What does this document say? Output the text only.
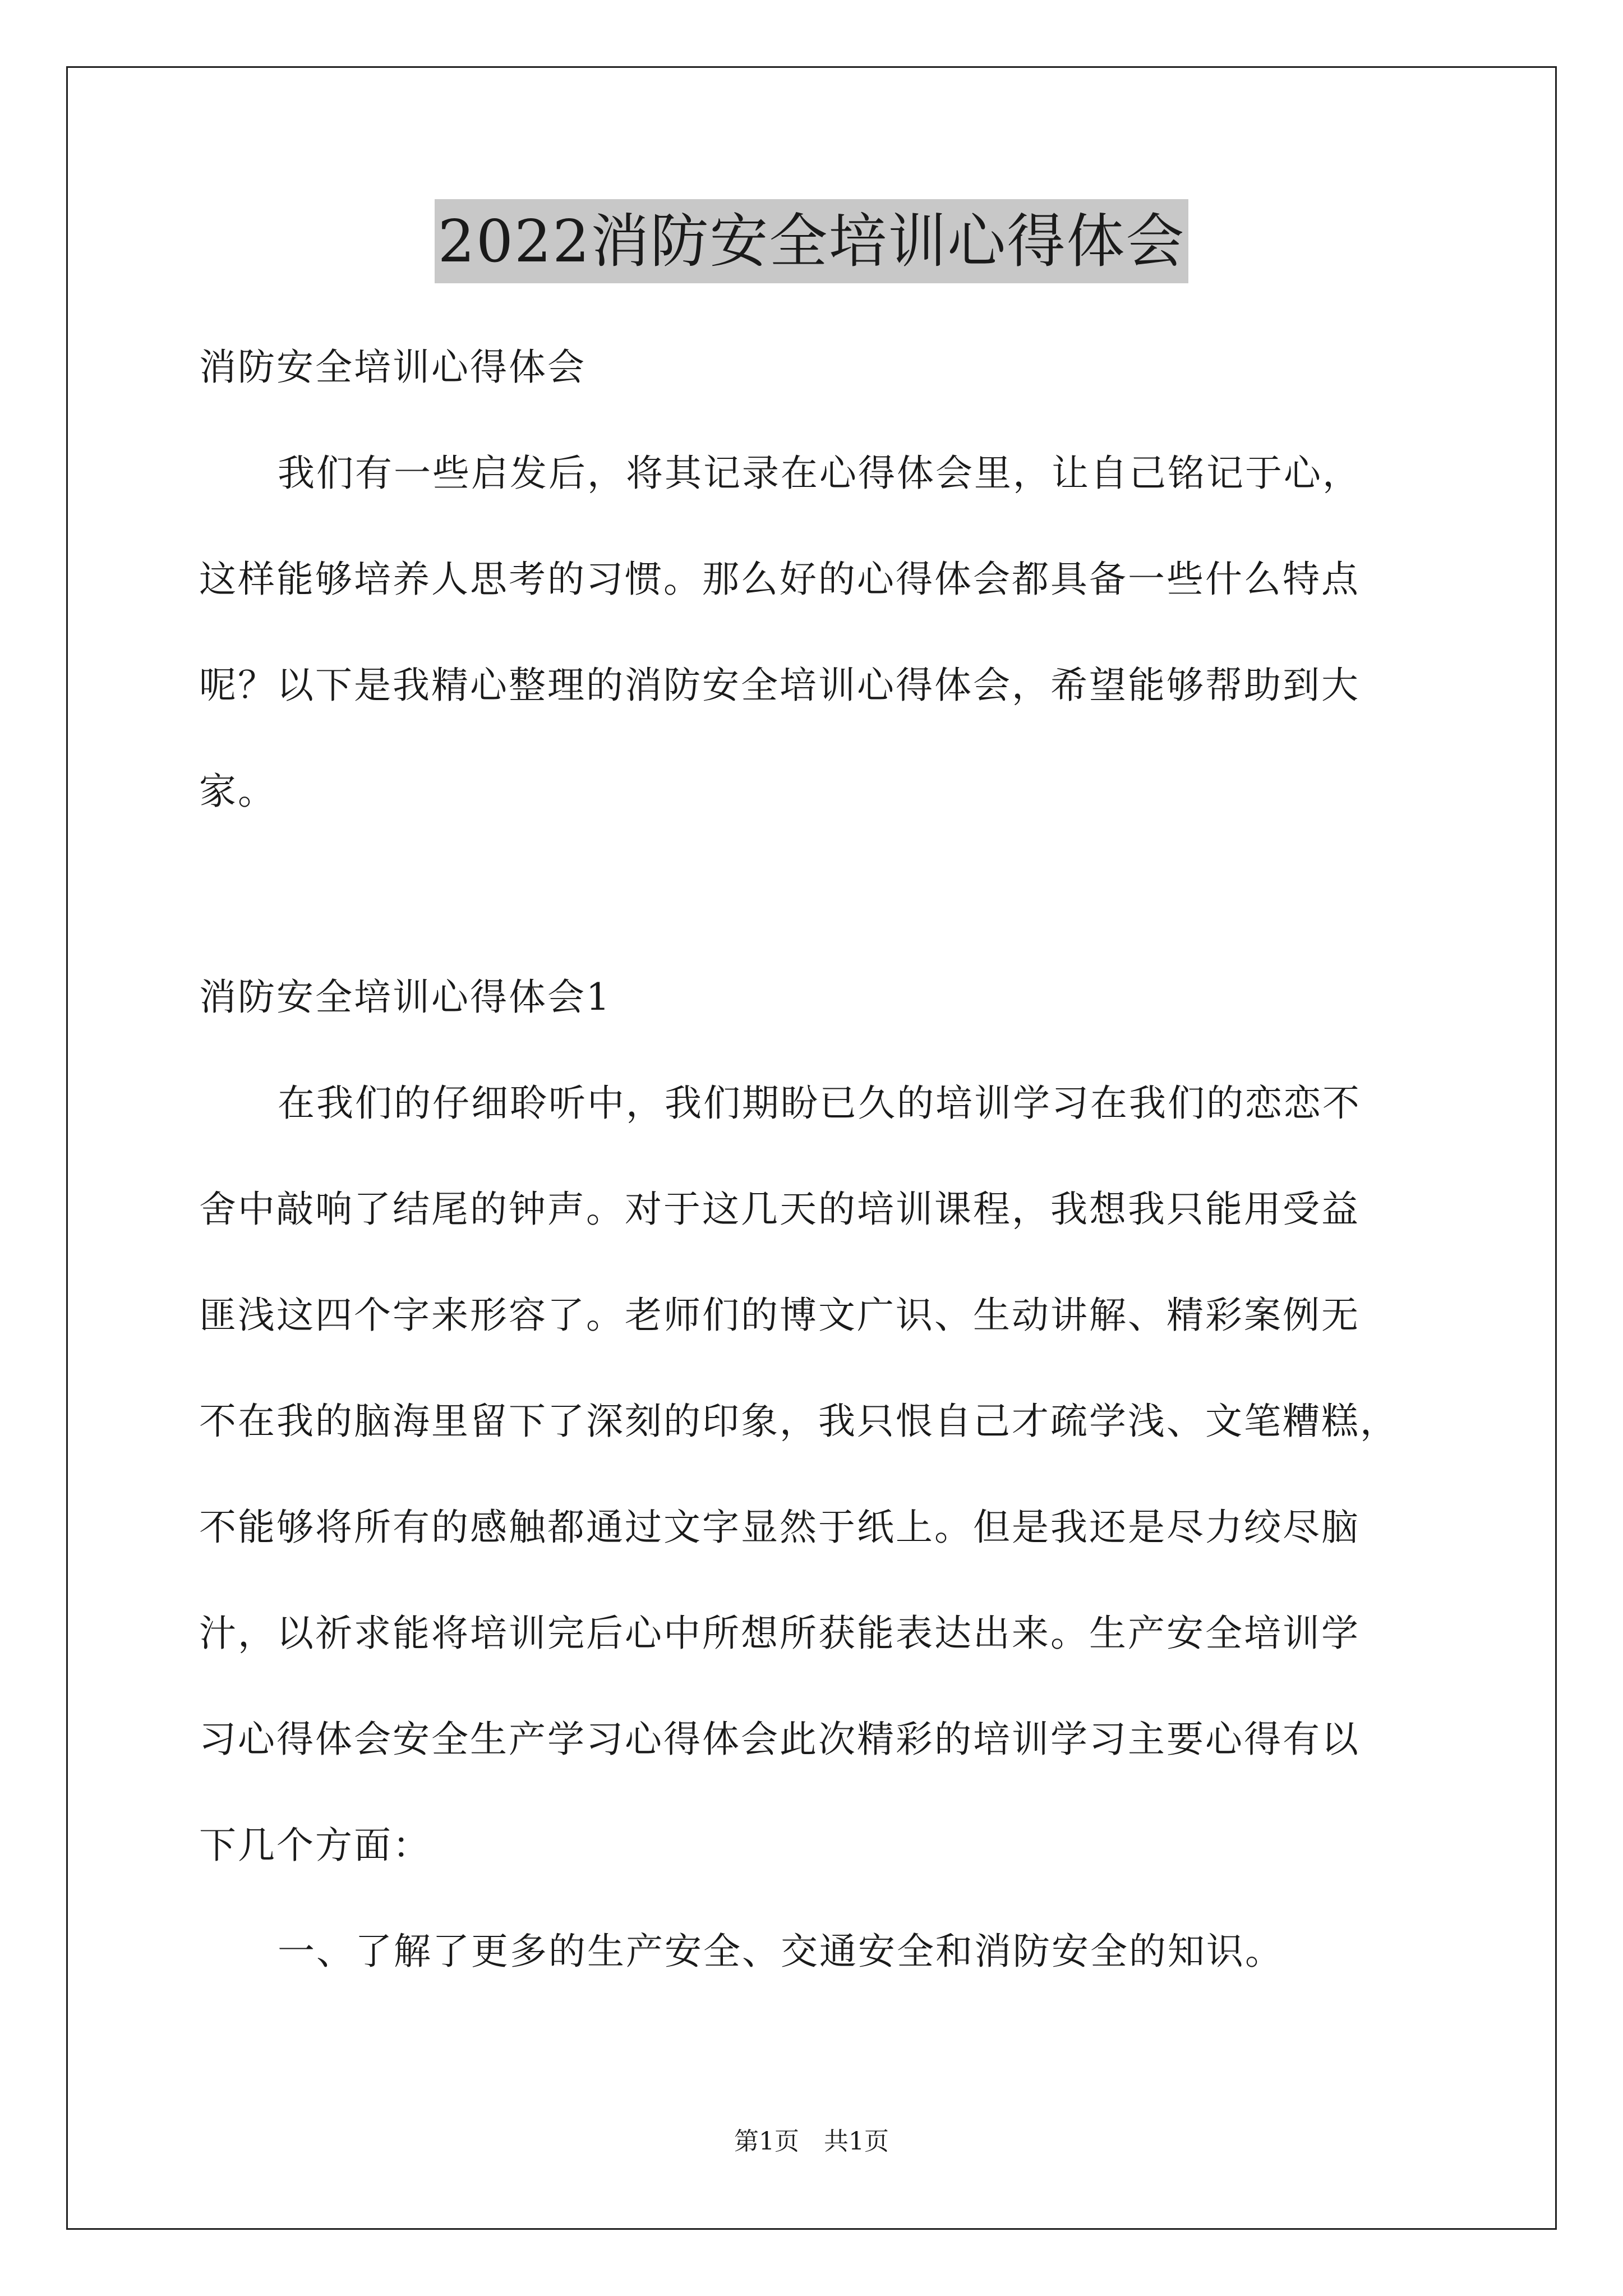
2022消防安全培训心得体会
消防安全培训心得体会
我们有一些启发后，将其记录在心得体会里，让自己铭记于心，
这样能够培养人思考的习惯。那么好的心得体会都具备一些什么特点
呢？以下是我精心整理的消防安全培训心得体会，希望能够帮助到大
家。
消防安全培训心得体会1
在我们的仔细聆听中，我们期盼已久的培训学习在我们的恋恋不
舍中敲响了结尾的钟声。对于这几天的培训课程，我想我只能用受益
匪浅这四个字来形容了。老师们的博文广识、生动讲解、精彩案例无
不在我的脑海里留下了深刻的印象，我只恨自己才疏学浅、文笔糟糕，
不能够将所有的感触都通过文字显然于纸上。但是我还是尽力绞尽脑
汁，以祈求能将培训完后心中所想所获能表达出来。生产安全培训学
习心得体会安全生产学习心得体会此次精彩的培训学习主要心得有以
下几个方面：
一、了解了更多的生产安全、交通安全和消防安全的知识。
第1页　共1页
